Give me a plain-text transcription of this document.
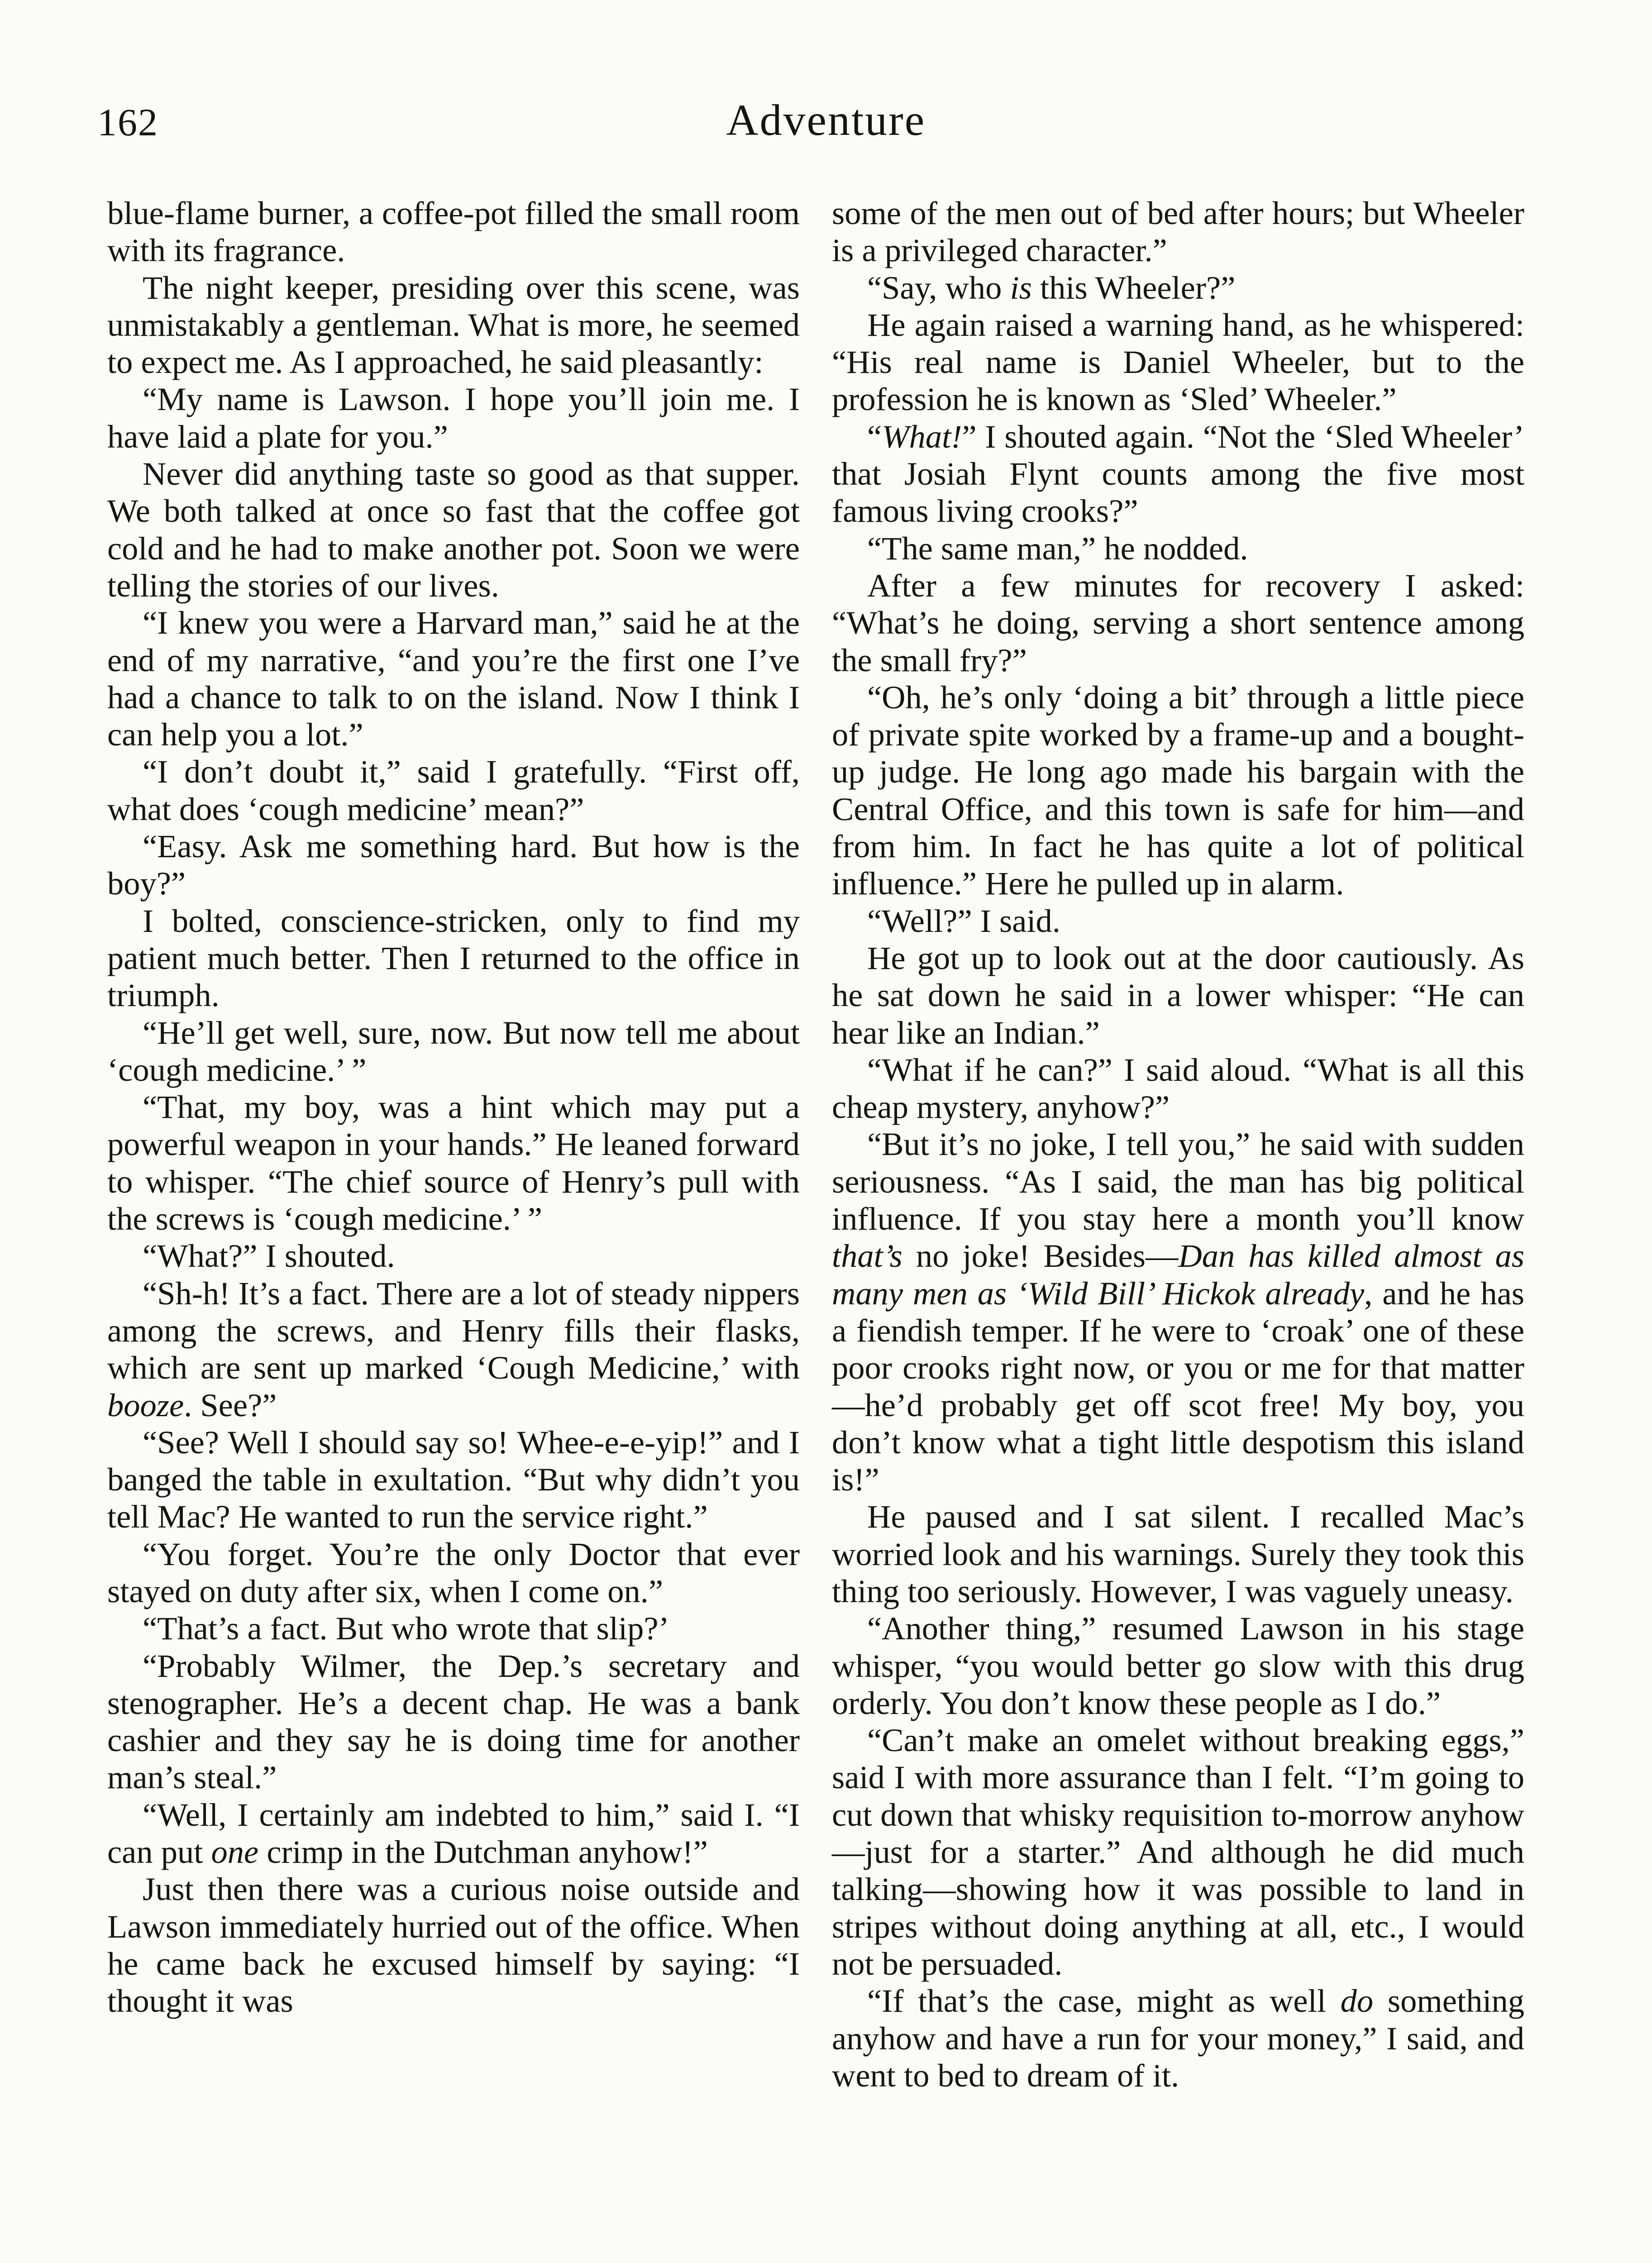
162	Adventure

blue-flame burner, a coffee-pot filled the small room with its fragrance.

The night keeper, presiding over this scene, was unmistakably a gentleman. What is more, he seemed to expect me. As I approached, he said pleasantly:

“My name is Lawson. I hope you’ll join me. I have laid a plate for you.”

Never did anything taste so good as that supper. We both talked at once so fast that the coffee got cold and he had to make another pot. Soon we were telling the stories of our lives.

“I knew you were a Harvard man,” said he at the end of my narrative, “and you’re the first one I’ve had a chance to talk to on the island. Now I think I can help you a lot.”

“I don’t doubt it,” said I gratefully. “First off, what does ‘cough medicine’ mean?”

“Easy. Ask me something hard. But how is the boy?”

I bolted, conscience-stricken, only to find my patient much better. Then I returned to the office in triumph.

“He’ll get well, sure, now. But now tell me about ‘cough medicine.’ ”

“That, my boy, was a hint which may put a powerful weapon in your hands.” He leaned forward to whisper. “The chief source of Henry’s pull with the screws is ‘cough medicine.’ ”

“What?” I shouted.

“Sh-h! It’s a fact. There are a lot of steady nippers among the screws, and Henry fills their flasks, which are sent up marked ‘Cough Medicine,’ with booze. See?”

“See? Well I should say so! Whee-e-e-yip!” and I banged the table in exultation. “But why didn’t you tell Mac? He wanted to run the service right.”

“You forget. You’re the only Doctor that ever stayed on duty after six, when I come on.”

“That’s a fact. But who wrote that slip?’

“Probably Wilmer, the Dep.’s secretary and stenographer. He’s a decent chap. He was a bank cashier and they say he is doing time for another man’s steal.”

“Well, I certainly am indebted to him,” said I. “I can put one crimp in the Dutchman anyhow!”

Just then there was a curious noise outside and Lawson immediately hurried out of the office. When he came back he excused himself by saying: “I thought it was

some of the men out of bed after hours; but Wheeler is a privileged character.”

“Say, who is this Wheeler?”

He again raised a warning hand, as he whispered: “His real name is Daniel Wheeler, but to the profession he is known as ‘Sled’ Wheeler.”

“What!” I shouted again. “Not the ‘Sled Wheeler’ that Josiah Flynt counts among the five most famous living crooks?”

“The same man,” he nodded.

After a few minutes for recovery I asked: “What’s he doing, serving a short sentence among the small fry?”

“Oh, he’s only ‘doing a bit’ through a little piece of private spite worked by a frame-up and a bought-up judge. He long ago made his bargain with the Central Office, and this town is safe for him—and from him. In fact he has quite a lot of political influence.” Here he pulled up in alarm.

“Well?” I said.

He got up to look out at the door cautiously. As he sat down he said in a lower whisper: “He can hear like an Indian.”

“What if he can?” I said aloud. “What is all this cheap mystery, anyhow?”

“But it’s no joke, I tell you,” he said with sudden seriousness. “As I said, the man has big political influence. If you stay here a month you’ll know that’s no joke! Besides—Dan has killed almost as many men as ‘Wild Bill’ Hickok already, and he has a fiendish temper. If he were to ‘croak’ one of these poor crooks right now, or you or me for that matter—he’d probably get off scot free! My boy, you don’t know what a tight little despotism this island is!”

He paused and I sat silent. I recalled Mac’s worried look and his warnings. Surely they took this thing too seriously. However, I was vaguely uneasy.

“Another thing,” resumed Lawson in his stage whisper, “you would better go slow with this drug orderly. You don’t know these people as I do.”

“Can’t make an omelet without breaking eggs,” said I with more assurance than I felt. “I’m going to cut down that whisky requisition to-morrow anyhow—just for a starter.” And although he did much talking—showing how it was possible to land in stripes without doing anything at all, etc., I would not be persuaded.

“If that’s the case, might as well do something anyhow and have a run for your money,” I said, and went to bed to dream of it.
